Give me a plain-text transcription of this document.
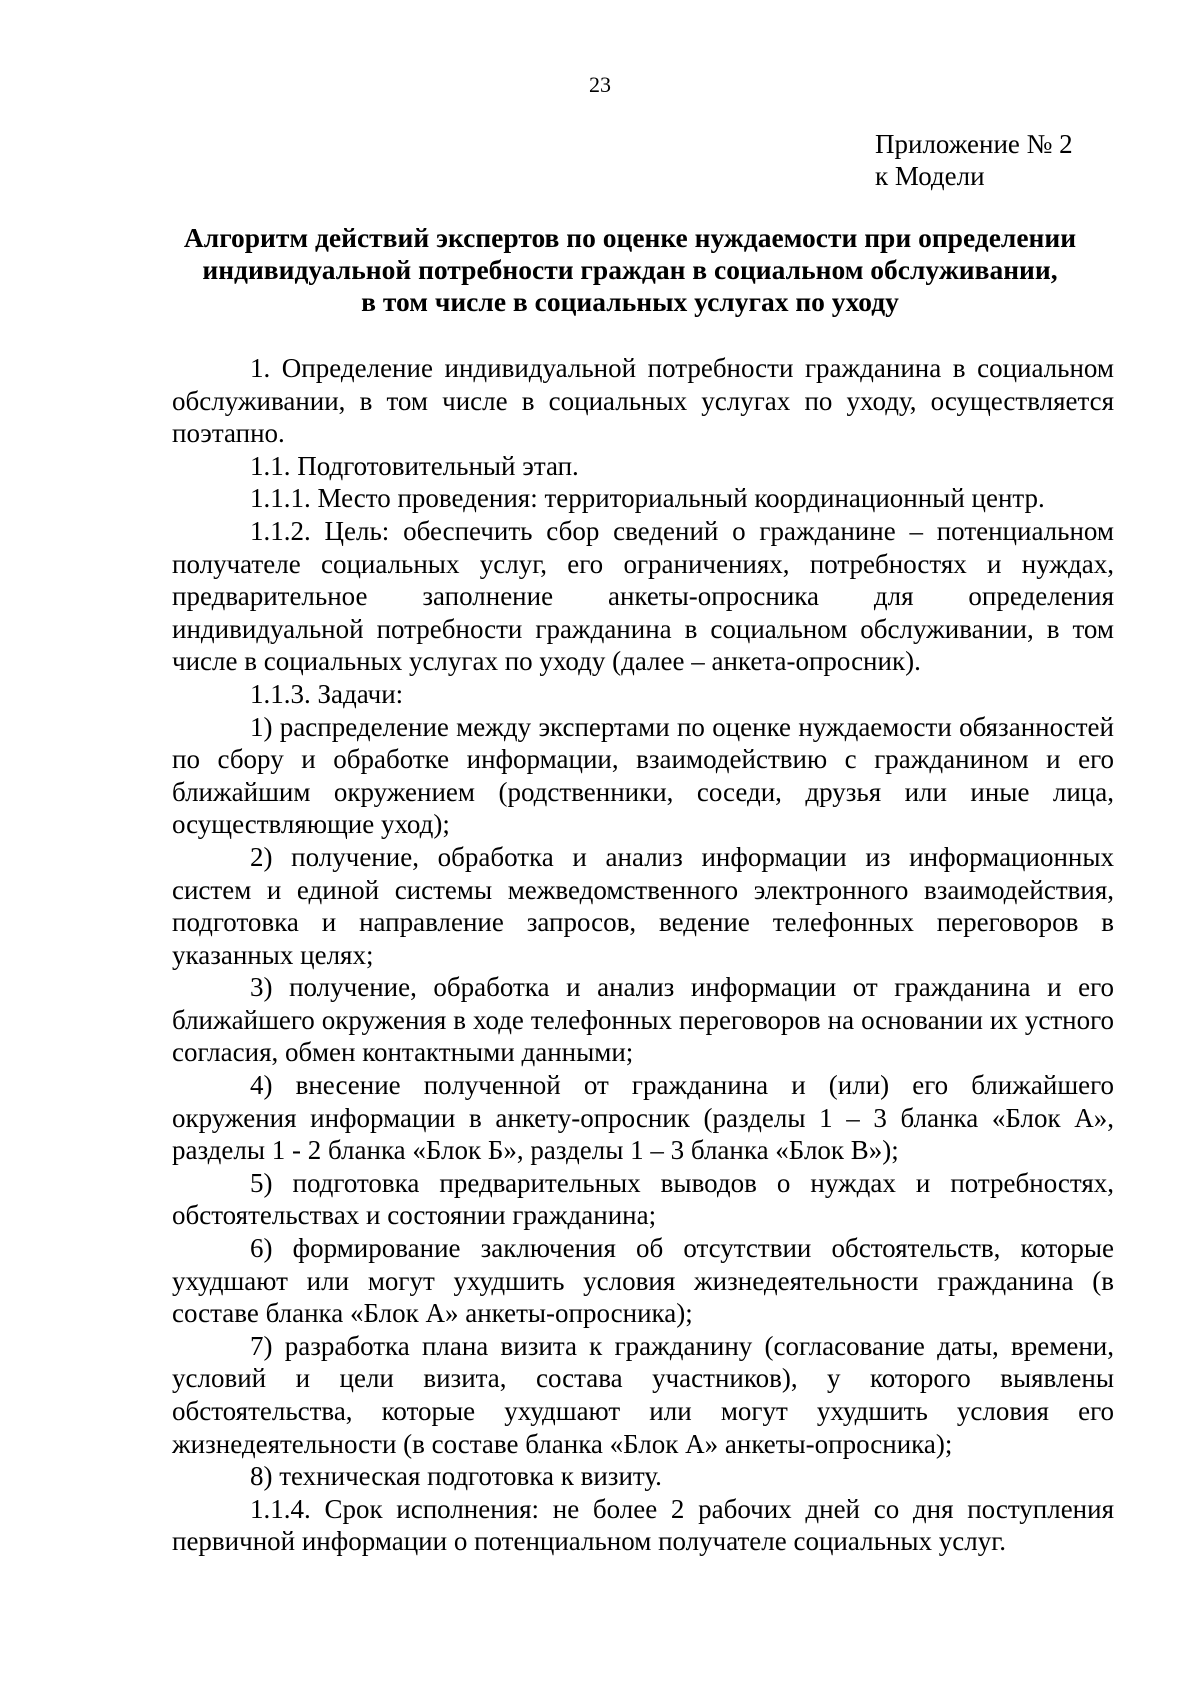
23
Приложение № 2
к Модели
Алгоритм действий экспертов по оценке нуждаемости при определении
индивидуальной потребности граждан в социальном обслуживании,
в том числе в социальных услугах по уходу

1. Определение индивидуальной потребности гражданина в социальном обслуживании, в том числе в социальных услугах по уходу, осуществляется поэтапно.

1.1. Подготовительный этап.

1.1.1. Место проведения: территориальный координационный центр.

1.1.2. Цель: обеспечить сбор сведений о гражданине – потенциальном получателе социальных услуг, его ограничениях, потребностях и нуждах, предварительное заполнение анкеты-опросника для определения индивидуальной потребности гражданина в социальном обслуживании, в том числе в социальных услугах по уходу (далее – анкета-опросник).

1.1.3. Задачи:

1) распределение между экспертами по оценке нуждаемости обязанностей по сбору и обработке информации, взаимодействию с гражданином и его ближайшим окружением (родственники, соседи, друзья или иные лица, осуществляющие уход);

2) получение, обработка и анализ информации из информационных систем и единой системы межведомственного электронного взаимодействия, подготовка и направление запросов, ведение телефонных переговоров в указанных целях;

3) получение, обработка и анализ информации от гражданина и его ближайшего окружения в ходе телефонных переговоров на основании их устного согласия, обмен контактными данными;

4) внесение полученной от гражданина и (или) его ближайшего окружения информации в анкету-опросник (разделы 1 – 3 бланка «Блок А», разделы 1 - 2 бланка «Блок Б», разделы 1 – 3 бланка «Блок В»);

5) подготовка предварительных выводов о нуждах и потребностях, обстоятельствах и состоянии гражданина;

6) формирование заключения об отсутствии обстоятельств, которые ухудшают или могут ухудшить условия жизнедеятельности гражданина (в составе бланка «Блок А» анкеты-опросника);

7) разработка плана визита к гражданину (согласование даты, времени, условий и цели визита, состава участников), у которого выявлены обстоятельства, которые ухудшают или могут ухудшить условия его жизнедеятельности (в составе бланка «Блок А» анкеты-опросника);

8) техническая подготовка к визиту.

1.1.4. Срок исполнения: не более 2 рабочих дней со дня поступления первичной информации о потенциальном получателе социальных услуг.
